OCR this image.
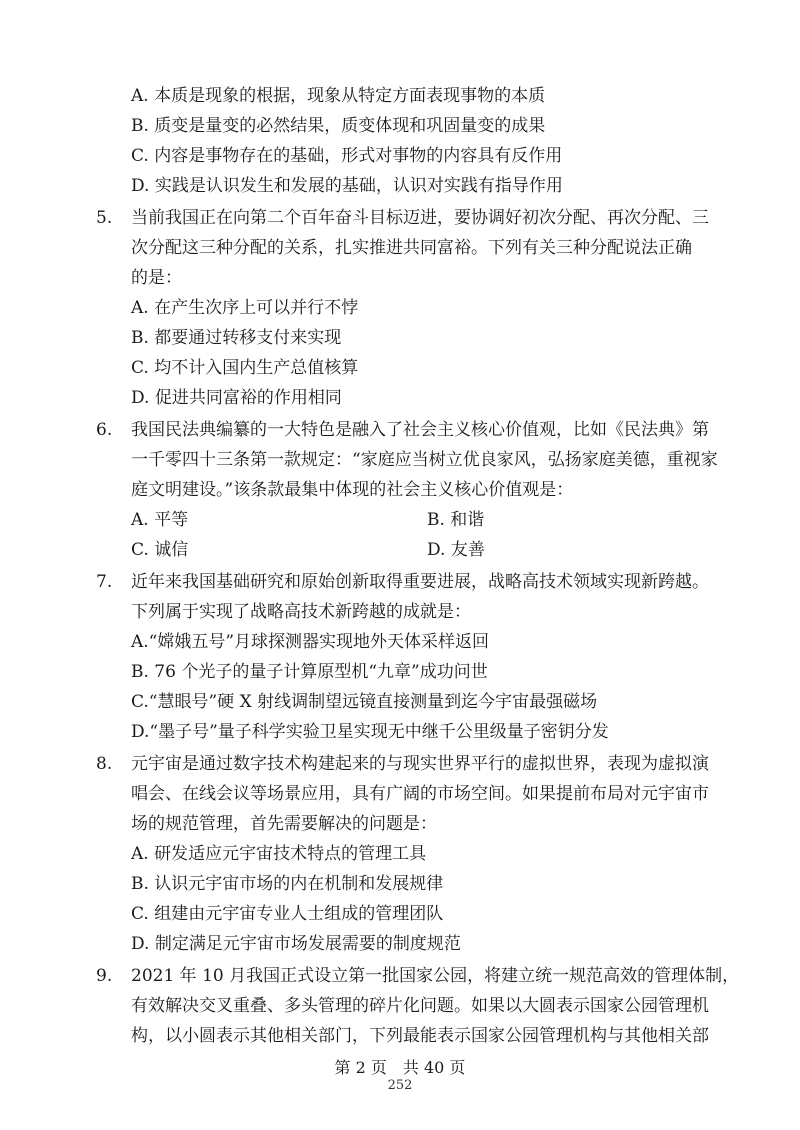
A. 本质是现象的根据，现象从特定方面表现事物的本质
B. 质变是量变的必然结果，质变体现和巩固量变的成果
C. 内容是事物存在的基础，形式对事物的内容具有反作用
D. 实践是认识发生和发展的基础，认识对实践有指导作用
5. 当前我国正在向第二个百年奋斗目标迈进，要协调好初次分配、再次分配、三
次分配这三种分配的关系，扎实推进共同富裕。下列有关三种分配说法正确
的是：
A. 在产生次序上可以并行不悖
B. 都要通过转移支付来实现
C. 均不计入国内生产总值核算
D. 促进共同富裕的作用相同
6. 我国民法典编纂的一大特色是融入了社会主义核心价值观，比如《民法典》第
一千零四十三条第一款规定：“家庭应当树立优良家风，弘扬家庭美德，重视家
庭文明建设。”该条款最集中体现的社会主义核心价值观是：
A. 平等	B. 和谐
C. 诚信	D. 友善
7. 近年来我国基础研究和原始创新取得重要进展，战略高技术领域实现新跨越。
下列属于实现了战略高技术新跨越的成就是：
A.“嫦娥五号”月球探测器实现地外天体采样返回
B. 76 个光子的量子计算原型机“九章”成功问世
C.“慧眼号”硬 X 射线调制望远镜直接测量到迄今宇宙最强磁场
D.“墨子号”量子科学实验卫星实现无中继千公里级量子密钥分发
8. 元宇宙是通过数字技术构建起来的与现实世界平行的虚拟世界，表现为虚拟演
唱会、在线会议等场景应用，具有广阔的市场空间。如果提前布局对元宇宙市
场的规范管理，首先需要解决的问题是：
A. 研发适应元宇宙技术特点的管理工具
B. 认识元宇宙市场的内在机制和发展规律
C. 组建由元宇宙专业人士组成的管理团队
D. 制定满足元宇宙市场发展需要的制度规范
9. 2021 年 10 月我国正式设立第一批国家公园，将建立统一规范高效的管理体制，
有效解决交叉重叠、多头管理的碎片化问题。如果以大圆表示国家公园管理机
构，以小圆表示其他相关部门，下列最能表示国家公园管理机构与其他相关部
第 2 页　共 40 页
252
